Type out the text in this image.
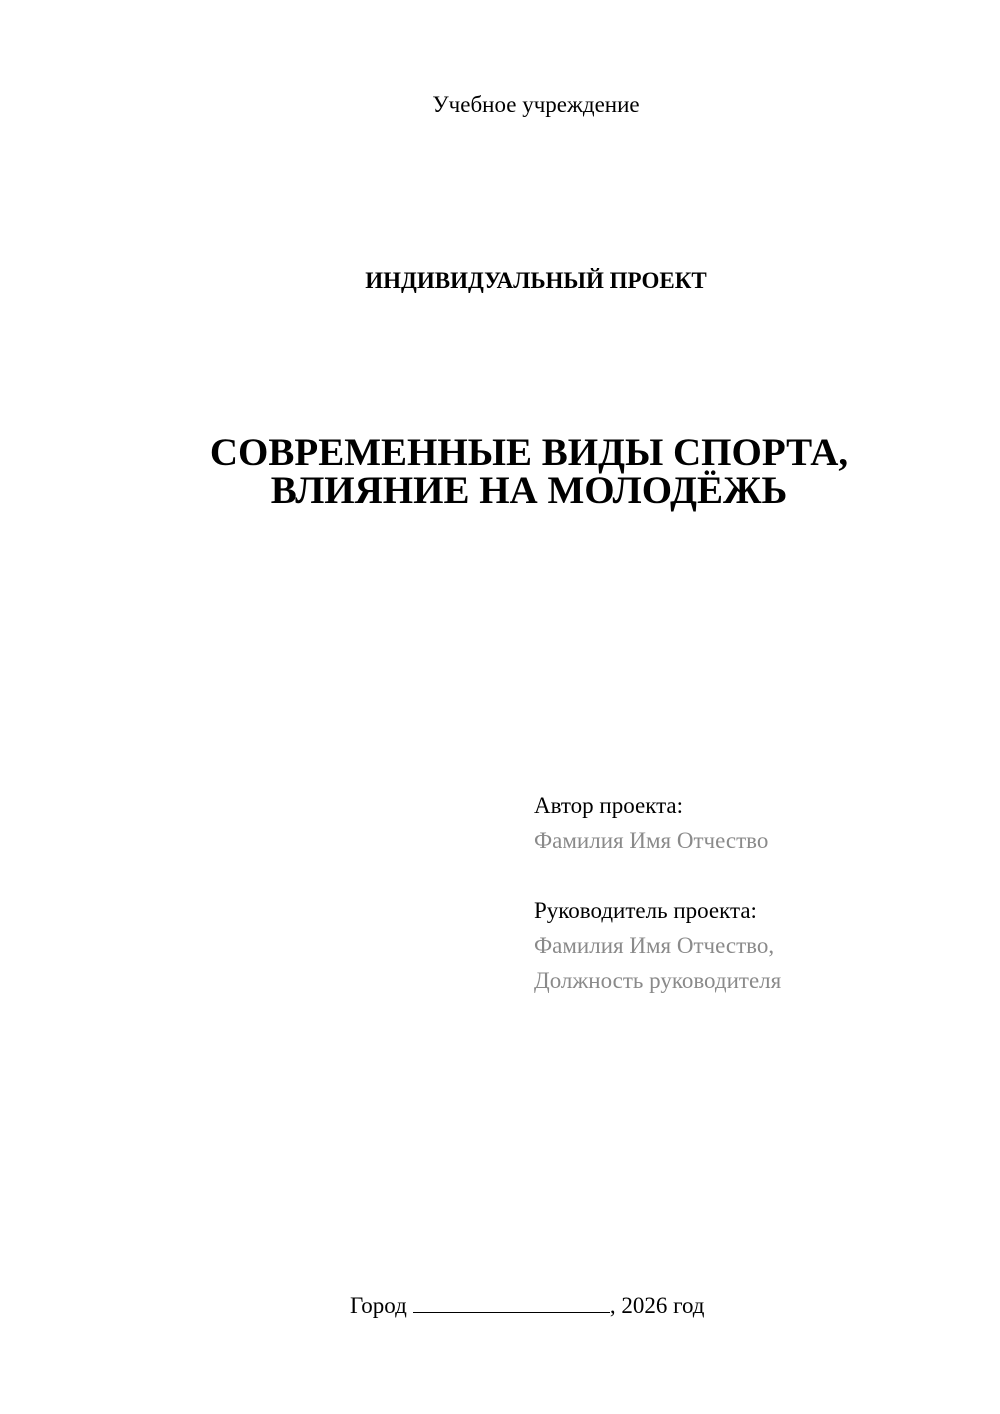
Учебное учреждение
ИНДИВИДУАЛЬНЫЙ ПРОЕКТ
СОВРЕМЕННЫЕ ВИДЫ СПОРТА,
ВЛИЯНИЕ НА МОЛОДЁЖЬ
Автор проекта:
Фамилия Имя Отчество
Руководитель проекта:
Фамилия Имя Отчество,
Должность руководителя
Город	, 2026 год
